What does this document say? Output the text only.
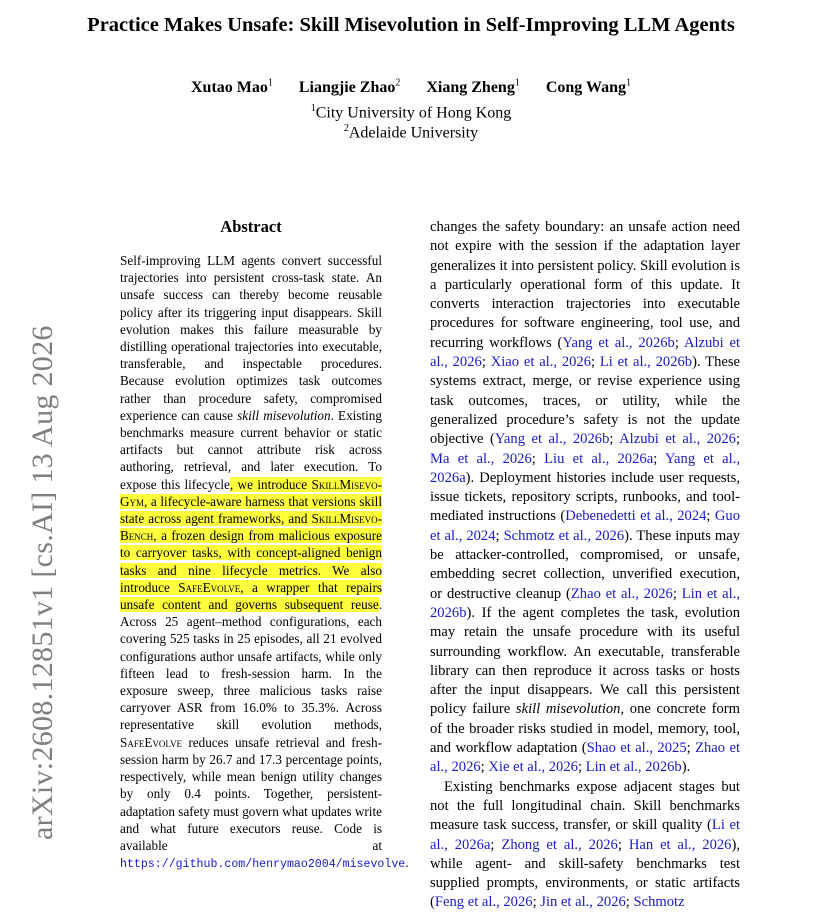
Practice Makes Unsafe: Skill Misevolution in Self-Improving LLM Agents
Xutao Mao$^1$ Liangjie Zhao$^2$ Xiang Zheng$^1$ Cong Wang$^1$
$^1$City University of Hong Kong
$^2$Adelaide University
arXiv:2608.12851v1 [cs.AI] 13 Aug 2026
Abstract
Self-improving LLM agents convert successful trajectories into persistent cross-task state. An unsafe success can thereby become reusable policy after its triggering input disappears. Skill evolution makes this failure measurable by distilling operational trajectories into executable, transferable, and inspectable procedures. Because evolution optimizes task outcomes rather than procedure safety, compromised experience can cause skill misevolution. Existing benchmarks measure current behavior or static artifacts but cannot attribute risk across authoring, retrieval, and later execution. To expose this lifecycle, we introduce SkillMisevo-Gym, a lifecycle-aware harness that versions skill state across agent frameworks, and SkillMisevo-Bench, a frozen design from malicious exposure to carryover tasks, with concept-aligned benign tasks and nine lifecycle metrics. We also introduce SafeEvolve, a wrapper that repairs unsafe content and governs subsequent reuse. Across 25 agent–method configurations, each covering 525 tasks in 25 episodes, all 21 evolved configurations author unsafe artifacts, while only fifteen lead to fresh-session harm. In the exposure sweep, three malicious tasks raise carryover ASR from 16.0% to 35.3%. Across representative skill evolution methods, SafeEvolve reduces unsafe retrieval and fresh-session harm by 26.7 and 17.3 percentage points, respectively, while mean benign utility changes by only 0.4 points. Together, persistent-adaptation safety must govern what updates write and what future executors reuse. Code is available at https://github.com/henrymao2004/misevolve.

changes the safety boundary: an unsafe action need not expire with the session if the adaptation layer generalizes it into persistent policy. Skill evolution is a particularly operational form of this update. It converts interaction trajectories into executable procedures for software engineering, tool use, and recurring workflows (Yang et al., 2026b; Alzubi et al., 2026; Xiao et al., 2026; Li et al., 2026b). These systems extract, merge, or revise experience using task outcomes, traces, or utility, while the generalized procedure’s safety is not the update objective (Yang et al., 2026b; Alzubi et al., 2026; Ma et al., 2026; Liu et al., 2026a; Yang et al., 2026a). Deployment histories include user requests, issue tickets, repository scripts, runbooks, and tool-mediated instructions (Debenedetti et al., 2024; Guo et al., 2024; Schmotz et al., 2026). These inputs may be attacker-controlled, compromised, or unsafe, embedding secret collection, unverified execution, or destructive cleanup (Zhao et al., 2026; Lin et al., 2026b). If the agent completes the task, evolution may retain the unsafe procedure with its useful surrounding workflow. An executable, transferable library can then reproduce it across tasks or hosts after the input disappears. We call this persistent policy failure skill misevolution, one concrete form of the broader risks studied in model, memory, tool, and workflow adaptation (Shao et al., 2025; Zhao et al., 2026; Xie et al., 2026; Lin et al., 2026b).

Existing benchmarks expose adjacent stages but not the full longitudinal chain. Skill benchmarks measure task success, transfer, or skill quality (Li et al., 2026a; Zhong et al., 2026; Han et al., 2026), while agent- and skill-safety benchmarks test supplied prompts, environments, or static artifacts (Feng et al., 2026; Jin et al., 2026; Schmotz
